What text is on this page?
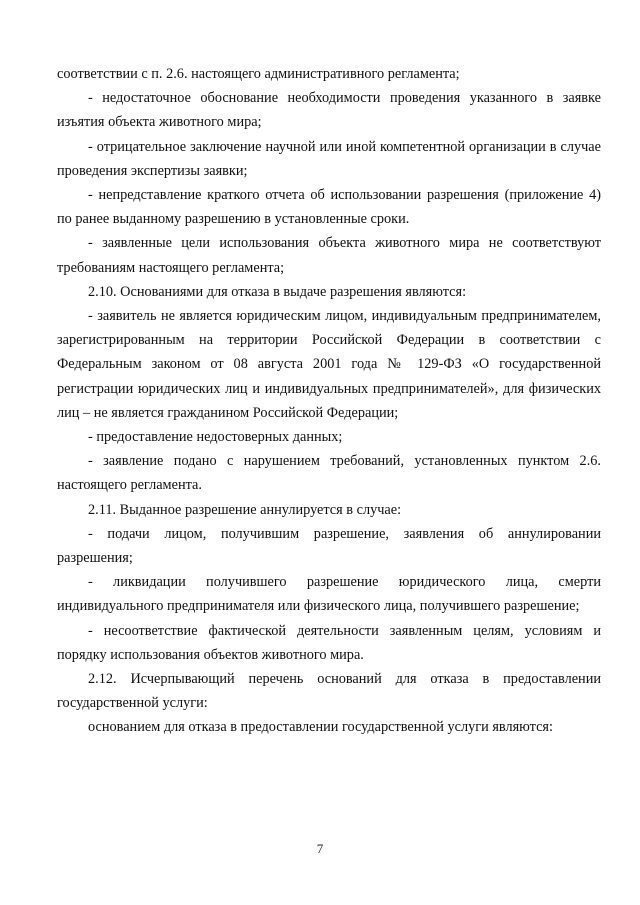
соответствии с п. 2.6. настоящего административного регламента;

- недостаточное обоснование необходимости проведения указанного в заявке изъятия объекта животного мира;

- отрицательное заключение научной или иной компетентной организации в случае проведения экспертизы заявки;

- непредставление краткого отчета об использовании разрешения (приложение 4) по ранее выданному разрешению в установленные сроки.

- заявленные цели использования объекта животного мира не соответствуют требованиям настоящего регламента;

2.10. Основаниями для отказа в выдаче разрешения являются:

- заявитель не является юридическим лицом, индивидуальным предпринимателем, зарегистрированным на территории Российской Федерации в соответствии с Федеральным законом от 08 августа 2001 года № 129-ФЗ «О государственной регистрации юридических лиц и индивидуальных предпринимателей», для физических лиц – не является гражданином Российской Федерации;

- предоставление недостоверных данных;

- заявление подано с нарушением требований, установленных пунктом 2.6. настоящего регламента.

2.11. Выданное разрешение аннулируется в случае:

- подачи лицом, получившим разрешение, заявления об аннулировании разрешения;

- ликвидации получившего разрешение юридического лица, смерти индивидуального предпринимателя или физического лица, получившего разрешение;

- несоответствие фактической деятельности заявленным целям, условиям и порядку использования объектов животного мира.

2.12. Исчерпывающий перечень оснований для отказа в предоставлении государственной услуги:

основанием для отказа в предоставлении государственной услуги являются:

7
